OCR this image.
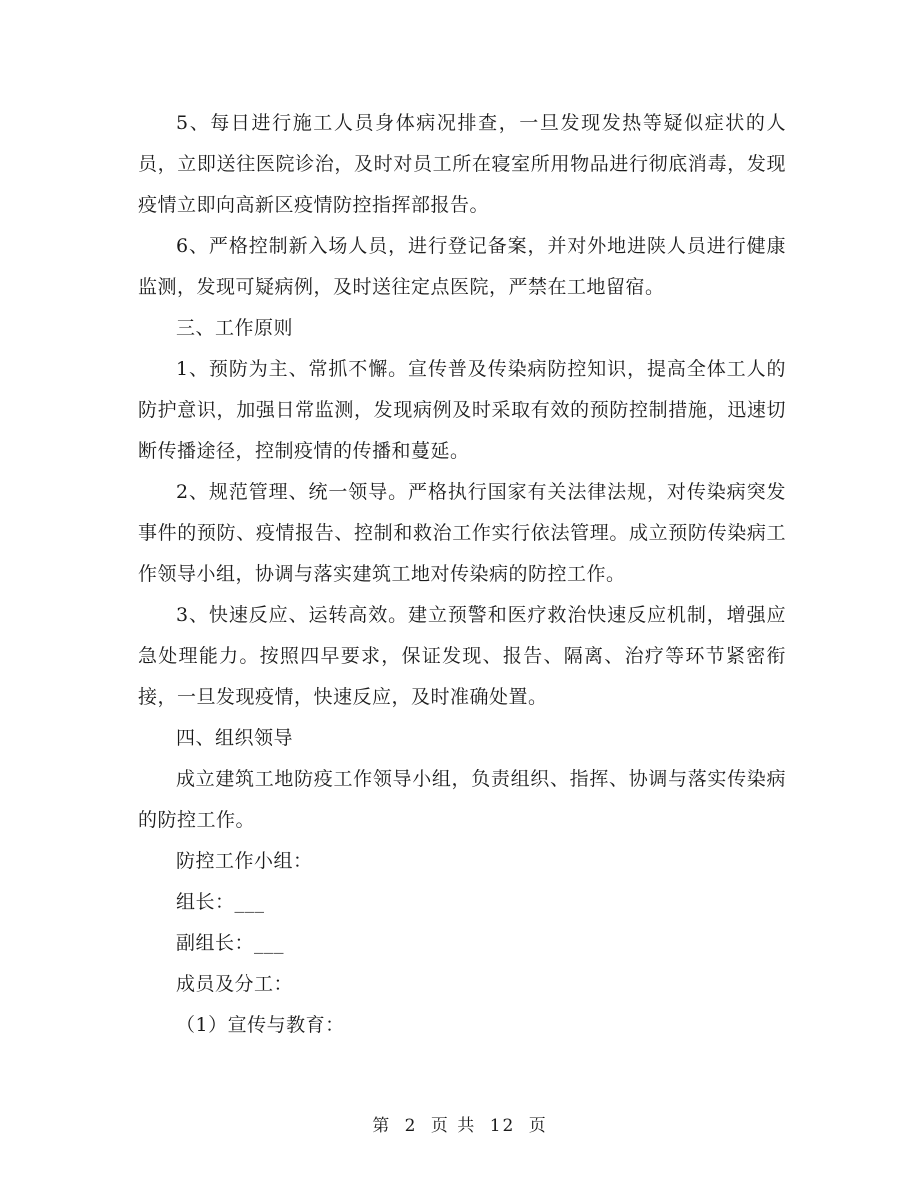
5、每日进行施工人员身体病况排查，一旦发现发热等疑似症状的人员，立即送往医院诊治，及时对员工所在寝室所用物品进行彻底消毒，发现疫情立即向高新区疫情防控指挥部报告。

6、严格控制新入场人员，进行登记备案，并对外地进陕人员进行健康监测，发现可疑病例，及时送往定点医院，严禁在工地留宿。

三、工作原则

1、预防为主、常抓不懈。宣传普及传染病防控知识，提高全体工人的防护意识，加强日常监测，发现病例及时采取有效的预防控制措施，迅速切断传播途径，控制疫情的传播和蔓延。

2、规范管理、统一领导。严格执行国家有关法律法规，对传染病突发事件的预防、疫情报告、控制和救治工作实行依法管理。成立预防传染病工作领导小组，协调与落实建筑工地对传染病的防控工作。

3、快速反应、运转高效。建立预警和医疗救治快速反应机制，增强应急处理能力。按照四早要求，保证发现、报告、隔离、治疗等环节紧密衔接，一旦发现疫情，快速反应，及时准确处置。

四、组织领导

成立建筑工地防疫工作领导小组，负责组织、指挥、协调与落实传染病的防控工作。

防控工作小组：

组长：___

副组长：___

成员及分工：

（1）宣传与教育：

第 2 页 共 12 页
